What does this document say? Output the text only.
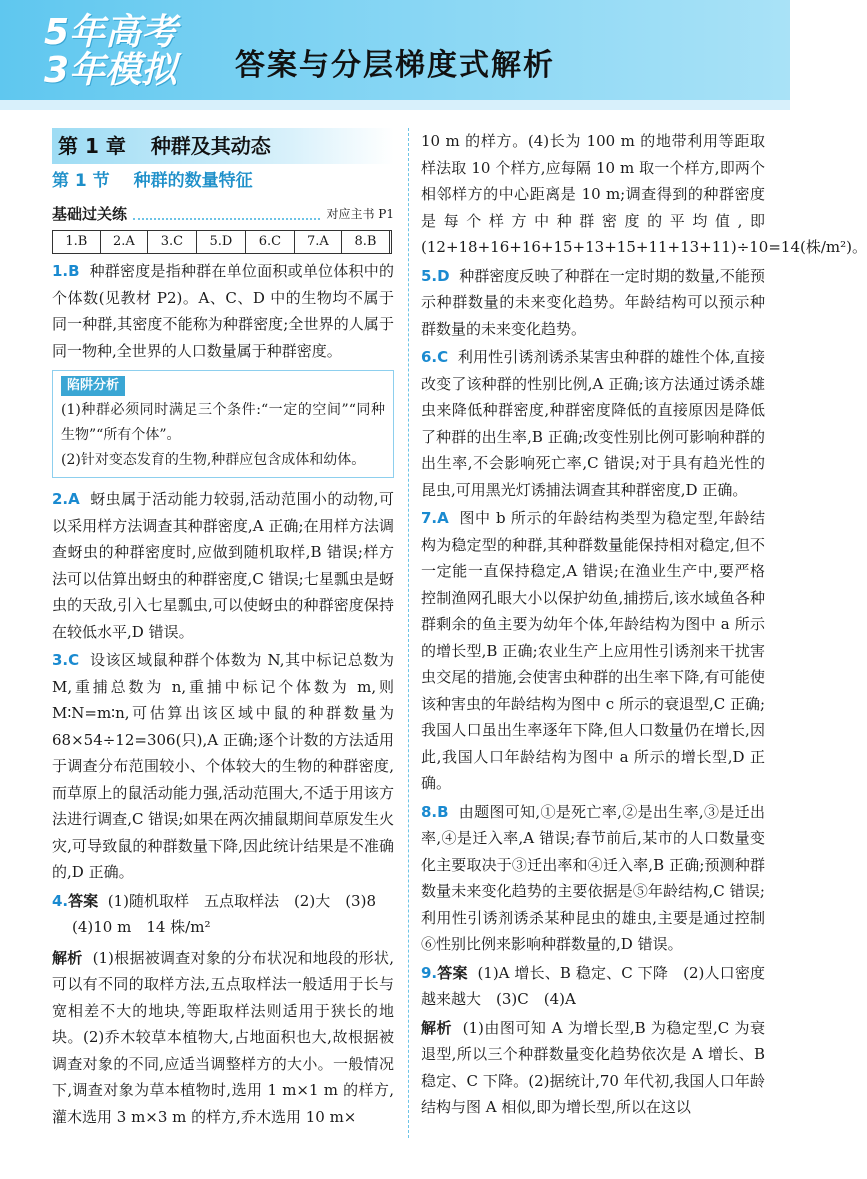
5年高考
3年模拟	答案与分层梯度式解析
第 1 章 种群及其动态
第 1 节 种群的数量特征
基础过关练	对应主书 P1
1.B	2.A	3.C	5.D	6.C	7.A	8.B	
1.B 种群密度是指种群在单位面积或单位体积中的个体数(见教材 P2)。A、C、D 中的生物均不属于同一种群,其密度不能称为种群密度;全世界的人属于同一物种,全世界的人口数量属于种群密度。
陷阱分析
(1)种群必须同时满足三个条件:“一定的空间”“同种生物”“所有个体”。
(2)针对变态发育的生物,种群应包含成体和幼体。
2.A 蚜虫属于活动能力较弱,活动范围小的动物,可以采用样方法调查其种群密度,A 正确;在用样方法调查蚜虫的种群密度时,应做到随机取样,B 错误;样方法可以估算出蚜虫的种群密度,C 错误;七星瓢虫是蚜虫的天敌,引入七星瓢虫,可以使蚜虫的种群密度保持在较低水平,D 错误。
3.C 设该区域鼠种群个体数为 N,其中标记总数为 M,重捕总数为 n,重捕中标记个体数为 m,则 M∶N=m∶n,可估算出该区域中鼠的种群数量为 68×54÷12=306(只),A 正确;逐个计数的方法适用于调查分布范围较小、个体较大的生物的种群密度,而草原上的鼠活动能力强,活动范围大,不适于用该方法进行调查,C 错误;如果在两次捕鼠期间草原发生火灾,可导致鼠的种群数量下降,因此统计结果是不准确的,D 正确。
4.答案 (1)随机取样　五点取样法　(2)大　(3)8
(4)10 m　14 株/m²
解析 (1)根据被调查对象的分布状况和地段的形状,可以有不同的取样方法,五点取样法一般适用于长与宽相差不大的地块,等距取样法则适用于狭长的地块。(2)乔木较草本植物大,占地面积也大,故根据被调查对象的不同,应适当调整样方的大小。一般情况下,调查对象为草本植物时,选用 1 m×1 m 的样方,灌木选用 3 m×3 m 的样方,乔木选用 10 m×
10 m 的样方。(4)长为 100 m 的地带利用等距取样法取 10 个样方,应每隔 10 m 取一个样方,即两个相邻样方的中心距离是 10 m;调查得到的种群密度是每个样方中种群密度的平均值,即(12+18+16+16+15+13+15+11+13+11)÷10=14(株/m²)。
5.D 种群密度反映了种群在一定时期的数量,不能预示种群数量的未来变化趋势。年龄结构可以预示种群数量的未来变化趋势。
6.C 利用性引诱剂诱杀某害虫种群的雄性个体,直接改变了该种群的性别比例,A 正确;该方法通过诱杀雄虫来降低种群密度,种群密度降低的直接原因是降低了种群的出生率,B 正确;改变性别比例可影响种群的出生率,不会影响死亡率,C 错误;对于具有趋光性的昆虫,可用黑光灯诱捕法调查其种群密度,D 正确。
7.A 图中 b 所示的年龄结构类型为稳定型,年龄结构为稳定型的种群,其种群数量能保持相对稳定,但不一定能一直保持稳定,A 错误;在渔业生产中,要严格控制渔网孔眼大小以保护幼鱼,捕捞后,该水域鱼各种群剩余的鱼主要为幼年个体,年龄结构为图中 a 所示的增长型,B 正确;农业生产上应用性引诱剂来干扰害虫交尾的措施,会使害虫种群的出生率下降,有可能使该种害虫的年龄结构为图中 c 所示的衰退型,C 正确;我国人口虽出生率逐年下降,但人口数量仍在增长,因此,我国人口年龄结构为图中 a 所示的增长型,D 正确。
8.B 由题图可知,①是死亡率,②是出生率,③是迁出率,④是迁入率,A 错误;春节前后,某市的人口数量变化主要取决于③迁出率和④迁入率,B 正确;预测种群数量未来变化趋势的主要依据是⑤年龄结构,C 错误;利用性引诱剂诱杀某种昆虫的雄虫,主要是通过控制⑥性别比例来影响种群数量的,D 错误。
9.答案 (1)A 增长、B 稳定、C 下降　(2)人口密度越来越大　(3)C　(4)A
解析 (1)由图可知 A 为增长型,B 为稳定型,C 为衰退型,所以三个种群数量变化趋势依次是 A 增长、B 稳定、C 下降。(2)据统计,70 年代初,我国人口年龄结构与图 A 相似,即为增长型,所以在这以
